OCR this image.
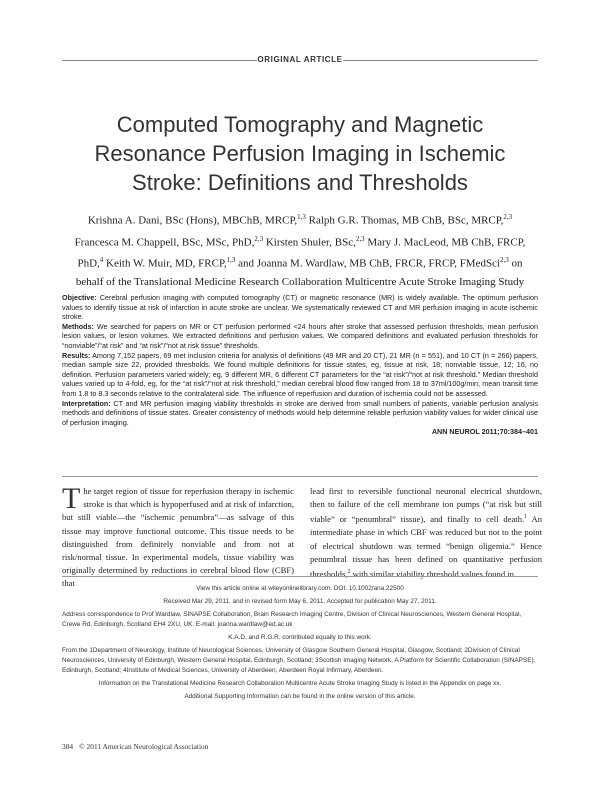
ORIGINAL ARTICLE
Computed Tomography and Magnetic
Resonance Perfusion Imaging in Ischemic
Stroke: Definitions and Thresholds
Krishna A. Dani, BSc (Hons), MBChB, MRCP,$^{1,3}$ Ralph G.R. Thomas, MB ChB, BSc, MRCP,$^{2,3}$ Francesca M. Chappell, BSc, MSc, PhD,$^{2,3}$ Kirsten Shuler, BSc,$^{2,3}$ Mary J. MacLeod, MB ChB, FRCP, PhD,$^4$ Keith W. Muir, MD, FRCP,$^{1,3}$ and Joanna M. Wardlaw, MB ChB, FRCR, FRCP, FMedSci$^{2,3}$ on behalf of the Translational Medicine Research Collaboration Multicentre Acute Stroke Imaging Study

Objective: Cerebral perfusion imaging with computed tomography (CT) or magnetic resonance (MR) is widely available. The optimum perfusion values to identify tissue at risk of infarction in acute stroke are unclear. We systematically reviewed CT and MR perfusion imaging in acute ischemic stroke.

Methods: We searched for papers on MR or CT perfusion performed <24 hours after stroke that assessed perfusion thresholds, mean perfusion lesion values, or lesion volumes. We extracted definitions and perfusion values. We compared definitions and evaluated perfusion thresholds for “nonviable”/“at risk” and “at risk”/“not at risk tissue” thresholds.

Results: Among 7,152 papers, 69 met inclusion criteria for analysis of definitions (49 MR and 20 CT), 21 MR (n = 551), and 10 CT (n = 266) papers, median sample size 22, provided thresholds. We found multiple definitions for tissue states, eg, tissue at risk, 18; nonviable tissue, 12; 16, no definition. Perfusion parameters varied widely; eg, 9 different MR, 6 different CT parameters for the “at risk”/“not at risk threshold.” Median threshold values varied up to 4-fold, eg, for the “at risk”/“not at risk threshold,” median cerebral blood flow ranged from 18 to 37ml/100g/min; mean transit time from 1.8 to 8.3 seconds relative to the contralateral side. The influence of reperfusion and duration of ischemia could not be assessed.

Interpretation: CT and MR perfusion imaging viability thresholds in stroke are derived from small numbers of patients, variable perfusion analysis methods and definitions of tissue states. Greater consistency of methods would help determine reliable perfusion viability values for wider clinical use of perfusion imaging.

ANN NEUROL 2011;70:384–401

The target region of tissue for reperfusion therapy in ischemic stroke is that which is hypoperfused and at risk of infarction, but still viable—the “ischemic penumbra”—as salvage of this tissue may improve functional outcome. This tissue needs to be distinguished from definitely nonviable and from not at risk/normal tissue. In experimental models, tissue viability was originally determined by reductions in cerebral blood flow (CBF) that

lead first to reversible functional neuronal electrical shutdown, then to failure of the cell membrane ion pumps (“at risk but still viable” or “penumbral” tissue), and finally to cell death.$^1$ An intermediate phase in which CBF was reduced but not to the point of electrical shutdown was termed “benign oligemia.” Hence penumbral tissue has been defined on quantitative perfusion thresholds,$^2$ with similar viability threshold values found in

View this article online at wileyonlinelibrary.com. DOI: 10.1002/ana.22500

Received Mar 29, 2011, and in revised form May 6, 2011. Accepted for publication May 27, 2011.

Address correspondence to Prof Wardlaw, SINAPSE Collaboration, Brain Research Imaging Centre, Division of Clinical Neurosciences, Western General Hospital, Crewe Rd, Edinburgh, Scotland EH4 2XU, UK. E-mail: joanna.wardlaw@ed.ac.uk

K.A.D. and R.G.R. contributed equally to this work.

From the 1Department of Neurology, Institute of Neurological Sciences, University of Glasgow Southern General Hospital, Glasgow, Scotland; 2Division of Clinical Neurosciences, University of Edinburgh, Western General Hospital, Edinburgh, Scotland; 3Scottish Imaging Network, A Platform for Scientific Collaboration (SINAPSE), Edinburgh, Scotland; 4Institute of Medical Sciences, University of Aberdeen, Aberdeen Royal Infirmary, Aberdeen.

Information on the Translational Medicine Research Collaboration Multicentre Acute Stroke Imaging Study is listed in the Appendix on page xx.

Additional Supporting Information can be found in the online version of this article.

384 © 2011 American Neurological Association
